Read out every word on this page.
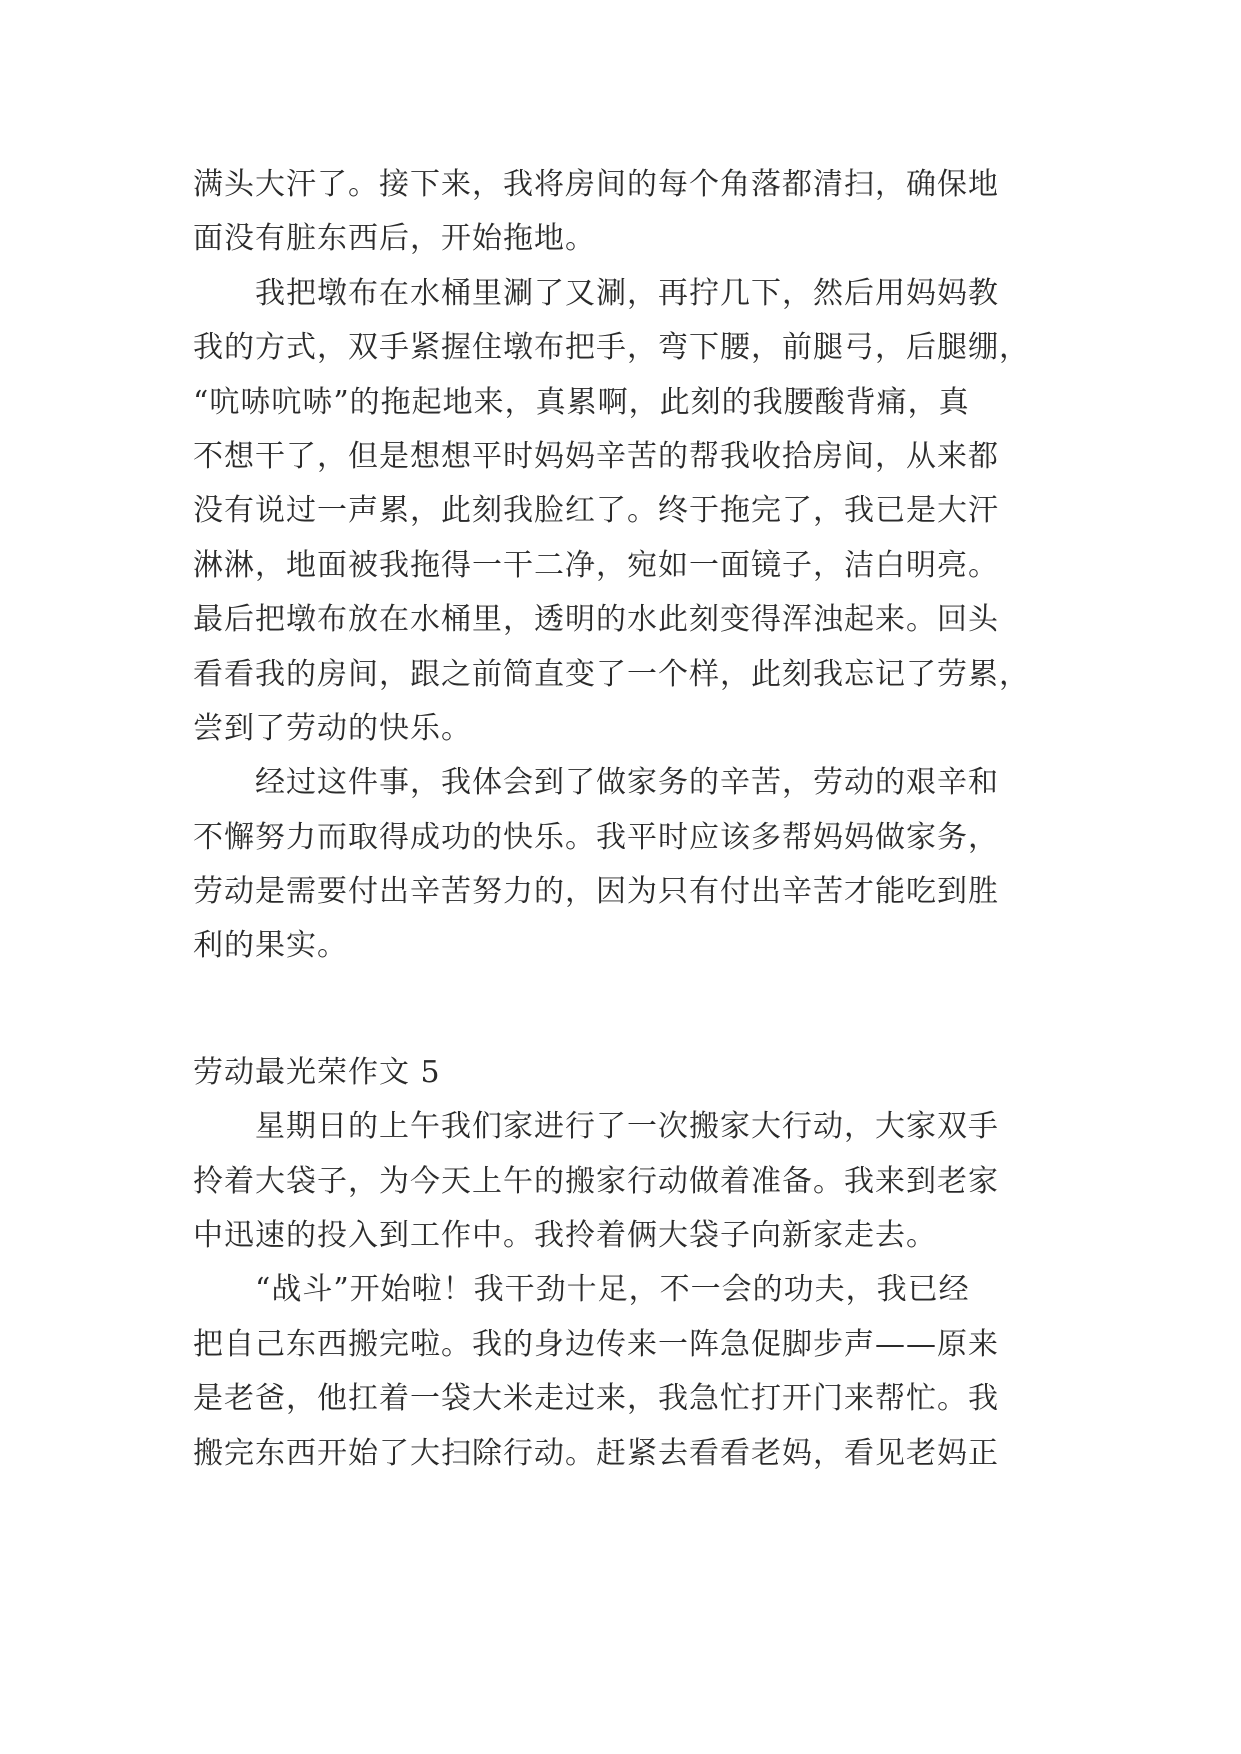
满头大汗了。接下来，我将房间的每个角落都清扫，确保地
面没有脏东西后，开始拖地。
我把墩布在水桶里涮了又涮，再拧几下，然后用妈妈教
我的方式，双手紧握住墩布把手，弯下腰，前腿弓，后腿绷，
“吭哧吭哧”的拖起地来，真累啊，此刻的我腰酸背痛，真
不想干了，但是想想平时妈妈辛苦的帮我收拾房间，从来都
没有说过一声累，此刻我脸红了。终于拖完了，我已是大汗
淋淋，地面被我拖得一干二净，宛如一面镜子，洁白明亮。
最后把墩布放在水桶里，透明的水此刻变得浑浊起来。回头
看看我的房间，跟之前简直变了一个样，此刻我忘记了劳累，
尝到了劳动的快乐。
经过这件事，我体会到了做家务的辛苦，劳动的艰辛和
不懈努力而取得成功的快乐。我平时应该多帮妈妈做家务，
劳动是需要付出辛苦努力的，因为只有付出辛苦才能吃到胜
利的果实。
劳动最光荣作文 5
星期日的上午我们家进行了一次搬家大行动，大家双手
拎着大袋子，为今天上午的搬家行动做着准备。我来到老家
中迅速的投入到工作中。我拎着俩大袋子向新家走去。
“战斗”开始啦！我干劲十足，不一会的功夫，我已经
把自己东西搬完啦。我的身边传来一阵急促脚步声——原来
是老爸，他扛着一袋大米走过来，我急忙打开门来帮忙。我
搬完东西开始了大扫除行动。赶紧去看看老妈，看见老妈正
